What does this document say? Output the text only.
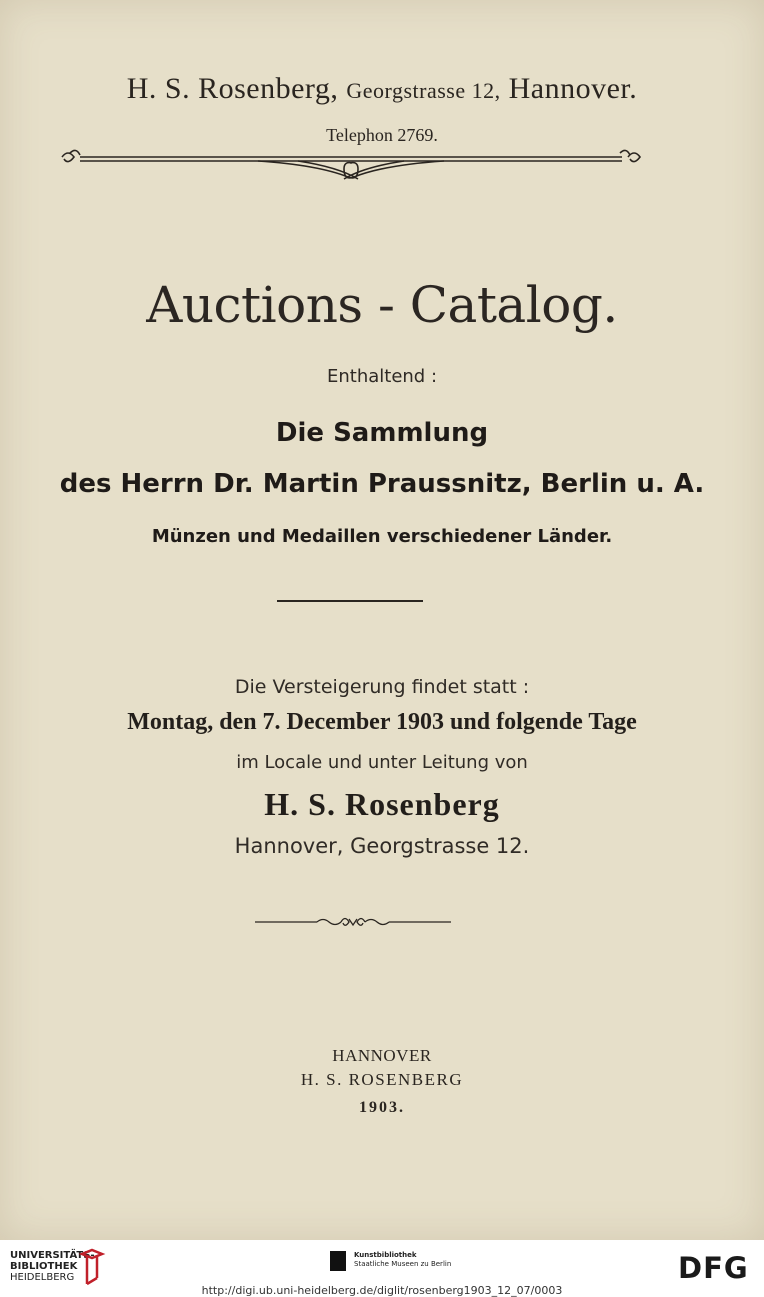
H. S. Rosenberg, Georgstrasse 12, Hannover.
Telephon 2769.
Auctions - Catalog.
Enthaltend :
Die Sammlung
des Herrn Dr. Martin Praussnitz, Berlin u. A.
Münzen und Medaillen verschiedener Länder.
Die Versteigerung findet statt :
Montag, den 7. December 1903 und folgende Tage
im Locale und unter Leitung von
H. S. Rosenberg
Hannover, Georgstrasse 12.
HANNOVER
H. S. ROSENBERG
1903.
UNIVERSITÄTS-
BIBLIOTHEK
HEIDELBERG
Kunstbibliothek
Staatliche Museen zu Berlin	DFG
http://digi.ub.uni-heidelberg.de/diglit/rosenberg1903_12_07/0003
